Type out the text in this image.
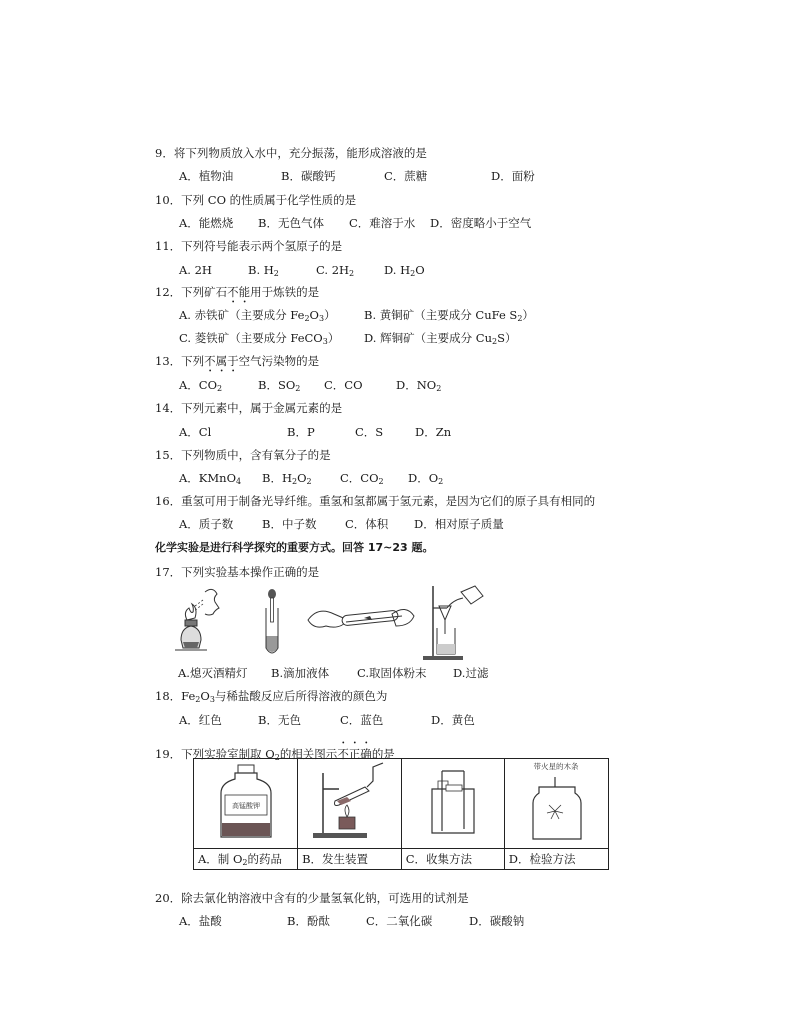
9．将下列物质放入水中，充分振荡，能形成溶液的是
A．植物油	B．碳酸钙	C．蔗糖	D．面粉
10．下列 CO 的性质属于化学性质的是
A．能燃烧 B．无色气体 C．难溶于水 D．密度略小于空气
11．下列符号能表示两个氢原子的是
A. 2H	B. $H_2$	C. $2H_2$	D. $H_2O$
12．下列矿石不能用于炼铁的是
A. 赤铁矿（主要成分 $Fe_2O_3$） B. 黄铜矿（主要成分 CuFe $S_2$）
C. 菱铁矿（主要成分 FeCO$_3$） D. 辉铜矿（主要成分 $Cu_2S$）
13．下列不属于空气污染物的是
A．$CO_2$	B．$SO_2$ C．CO	D．$NO_2$
14．下列元素中，属于金属元素的是
A．Cl	B．P	C．S	D．Zn
15．下列物质中，含有氧分子的是
A．KMnO$_4$ B．$H_2O_2$ C．$CO_2$ D．$O_2$
16．重氢可用于制备光导纤维。重氢和氢都属于氢元素，是因为它们的原子具有相同的
A．质子数 B．中子数 C．体积 D．相对原子质量
化学实验是进行科学探究的重要方式。回答 17~23 题。
17．下列实验基本操作正确的是
A.熄灭酒精灯 B.滴加液体 C.取固体粉末 D.过滤
18．$Fe_2O_3$与稀盐酸反应后所得溶液的颜色为
A．红色	B．无色	C．蓝色	D．黄色
19．下列实验室制取 $O_2$的相关图示不正确的是
高锰酸钾			带火星的木条

A．制 $O_2$的药品	B．发生装置	C．收集方法	D．检验方法
20．除去氯化钠溶液中含有的少量氢氧化钠，可选用的试剂是
A．盐酸	B．酚酞	C．二氧化碳	D．碳酸钠
